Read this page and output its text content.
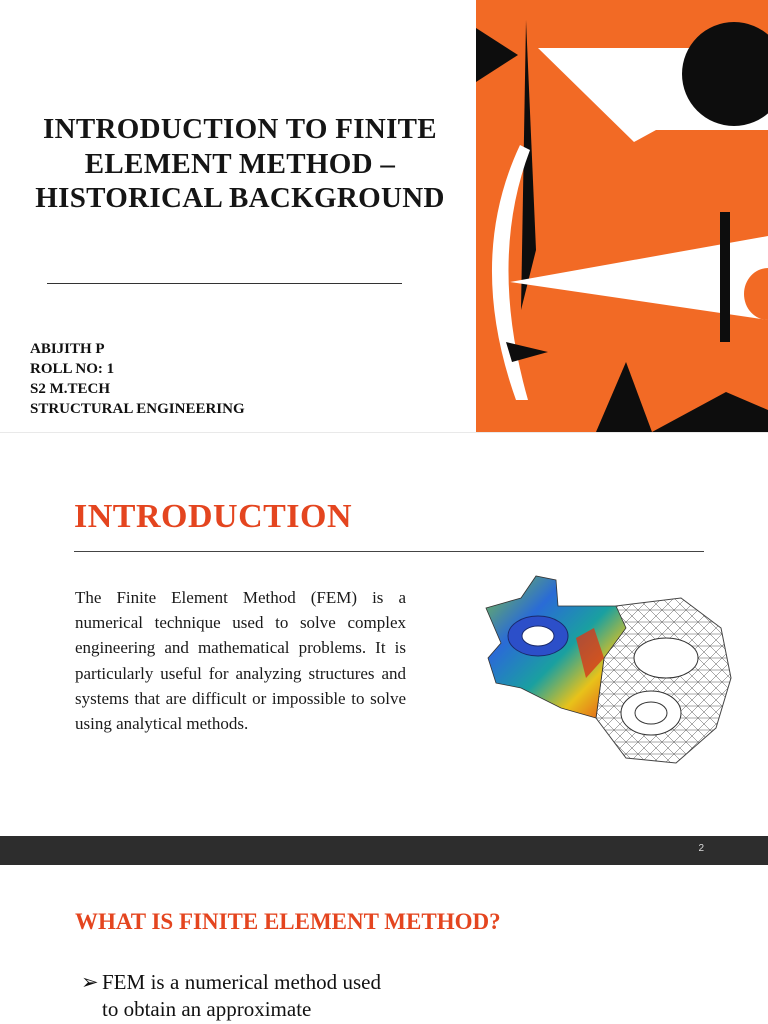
INTRODUCTION TO FINITE ELEMENT METHOD – HISTORICAL BACKGROUND
ABIJITH P
ROLL NO: 1
S2 M.TECH
STRUCTURAL ENGINEERING
INTRODUCTION

The Finite Element Method (FEM) is a numerical technique used to solve complex engineering and mathematical problems. It is particularly useful for analyzing structures and systems that are difficult or impossible to solve using analytical methods.

2
WHAT IS FINITE ELEMENT METHOD?
➢ FEM is a numerical method used to obtain an approximate
